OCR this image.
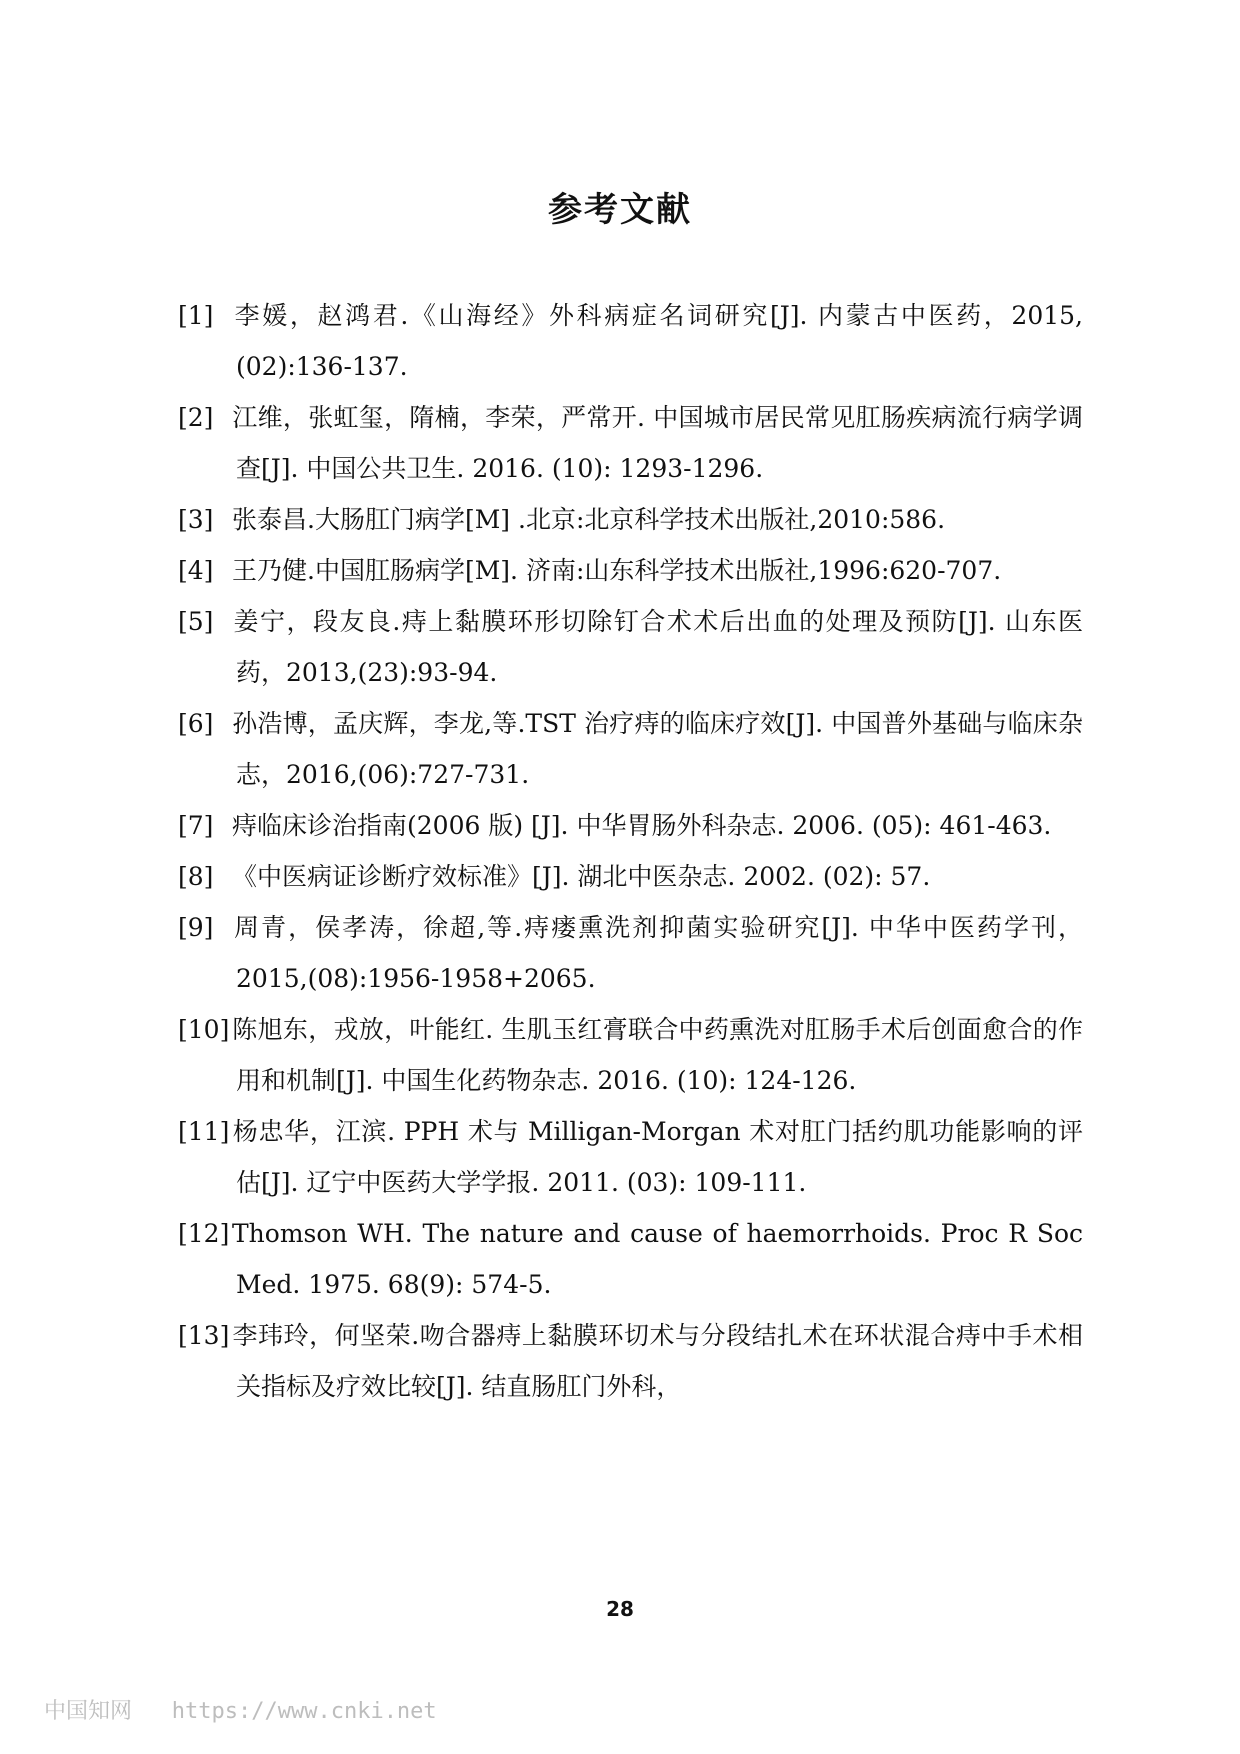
参考文献
[1] 李媛，赵鸿君.《山海经》外科病症名词研究[J]. 内蒙古中医药，2015,(02):136-137.
[2] 江维，张虹玺，隋楠，李荣，严常开. 中国城市居民常见肛肠疾病流行病学调查[J]. 中国公共卫生. 2016. (10): 1293-1296.
[3] 张泰昌.大肠肛门病学[M] .北京:北京科学技术出版社,2010:586.
[4] 王乃健.中国肛肠病学[M]. 济南:山东科学技术出版社,1996:620-707.
[5] 姜宁，段友良.痔上黏膜环形切除钉合术术后出血的处理及预防[J]. 山东医药，2013,(23):93-94.
[6] 孙浩博，孟庆辉，李龙,等.TST 治疗痔的临床疗效[J]. 中国普外基础与临床杂志，2016,(06):727-731.
[7] 痔临床诊治指南(2006 版) [J]. 中华胃肠外科杂志. 2006. (05): 461-463.
[8] 《中医病证诊断疗效标准》[J]. 湖北中医杂志. 2002. (02): 57.
[9] 周青，侯孝涛，徐超,等.痔瘘熏洗剂抑菌实验研究[J]. 中华中医药学刊，2015,(08):1956-1958+2065.
[10] 陈旭东，戎放，叶能红. 生肌玉红膏联合中药熏洗对肛肠手术后创面愈合的作用和机制[J]. 中国生化药物杂志. 2016. (10): 124-126.
[11] 杨忠华，江滨. PPH 术与 Milligan-Morgan 术对肛门括约肌功能影响的评估[J]. 辽宁中医药大学学报. 2011. (03): 109-111.
[12] Thomson WH. The nature and cause of haemorrhoids. Proc R Soc Med. 1975. 68(9): 574-5.
[13] 李玮玲，何坚荣.吻合器痔上黏膜环切术与分段结扎术在环状混合痔中手术相关指标及疗效比较[J]. 结直肠肛门外科，
28
中国知网 https://www.cnki.net
